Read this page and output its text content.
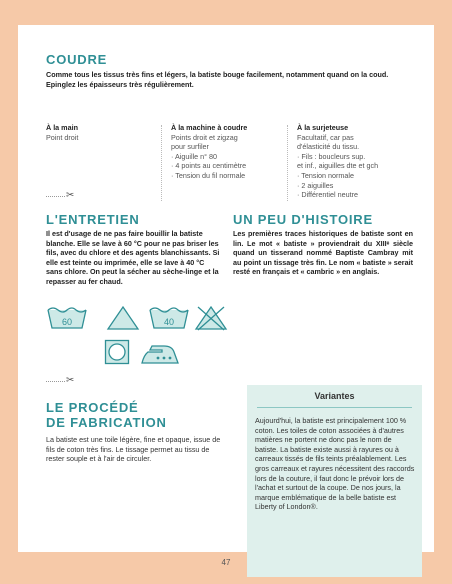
COUDRE
Comme tous les tissus très fins et légers, la batiste bouge facilement, notamment quand on la coud. Epinglez les épaisseurs très régulièrement.
À la main
Point droit
À la machine à coudre
Points droit et zigzag
pour surfiler
· Aiguille n° 80
· 4 points au centimètre
· Tension du fil normale
À la surjeteuse
Facultatif, car pas
d'élasticité du tissu.
· Fils : boucleurs sup.
et inf., aiguilles dte et gch
· Tension normale
· 2 aiguilles
· Différentiel neutre
✂
L'ENTRETIEN
Il est d'usage de ne pas faire bouillir la batiste blanche. Elle se lave à 60 °C pour ne pas briser les fils, avec du chlore et des agents blanchissants. Si elle est teinte ou imprimée, elle se lave à 40 °C sans chlore. On peut la sécher au sèche-linge et la repasser au fer chaud.
UN PEU D'HISTOIRE
Les premières traces historiques de batiste sont en lin. Le mot « batiste » proviendrait du XIIIᵉ siècle quand un tisserand nommé Baptiste Cambray mit au point un tissage très fin. Le nom « batiste » serait resté en français et « cambric » en anglais.
60	40
✂
LE PROCÉDÉ
DE FABRICATION
La batiste est une toile légère, fine et opaque, issue de fils de coton très fins. Le tissage permet au tissu de rester souple et à l'air de circuler.
Variantes
Aujourd'hui, la batiste est principalement 100 % coton. Les toiles de coton associées à d'autres matières ne portent ne donc pas le nom de batiste. La batiste existe aussi à rayures ou à carreaux tissés de fils teints préalablement. Les gros carreaux et rayures nécessitent des raccords lors de la couture, il faut donc le prévoir lors de l'achat et surtout de la coupe. De nos jours, la marque emblématique de la belle batiste est Liberty of London®.
47
